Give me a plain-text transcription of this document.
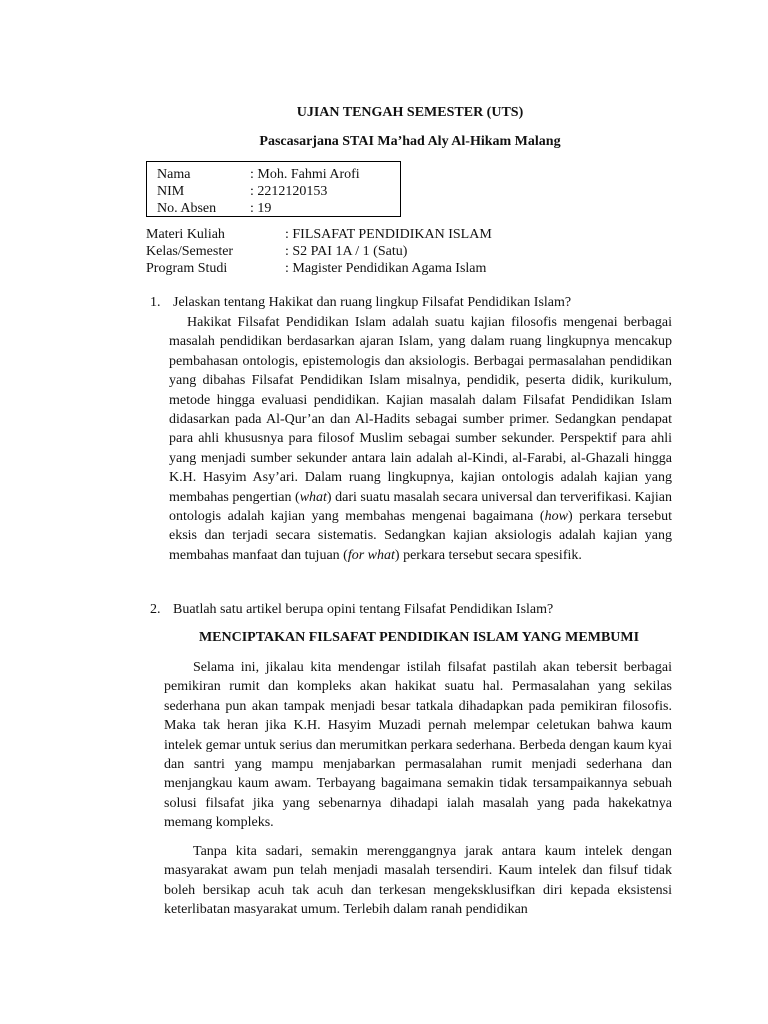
UJIAN TENGAH SEMESTER (UTS)
Pascasarjana STAI Ma’had Aly Al-Hikam Malang
Nama	: Moh. Fahmi Arofi
NIM	: 2212120153
No. Absen : 19
Materi Kuliah	: FILSAFAT PENDIDIKAN ISLAM
Kelas/Semester	: S2 PAI 1A / 1 (Satu)
Program Studi	: Magister Pendidikan Agama Islam
1. Jelaskan tentang Hakikat dan ruang lingkup Filsafat Pendidikan Islam?

Hakikat Filsafat Pendidikan Islam adalah suatu kajian filosofis mengenai berbagai masalah pendidikan berdasarkan ajaran Islam, yang dalam ruang lingkupnya mencakup pembahasan ontologis, epistemologis dan aksiologis. Berbagai permasalahan pendidikan yang dibahas Filsafat Pendidikan Islam misalnya, pendidik, peserta didik, kurikulum, metode hingga evaluasi pendidikan. Kajian masalah dalam Filsafat Pendidikan Islam didasarkan pada Al-Qur’an dan Al-Hadits sebagai sumber primer. Sedangkan pendapat para ahli khususnya para filosof Muslim sebagai sumber sekunder. Perspektif para ahli yang menjadi sumber sekunder antara lain adalah al-Kindi, al-Farabi, al-Ghazali hingga K.H. Hasyim Asy’ari. Dalam ruang lingkupnya, kajian ontologis adalah kajian yang membahas pengertian (what) dari suatu masalah secara universal dan terverifikasi. Kajian ontologis adalah kajian yang membahas mengenai bagaimana (how) perkara tersebut eksis dan terjadi secara sistematis. Sedangkan kajian aksiologis adalah kajian yang membahas manfaat dan tujuan (for what) perkara tersebut secara spesifik.

2. Buatlah satu artikel berupa opini tentang Filsafat Pendidikan Islam?
MENCIPTAKAN FILSAFAT PENDIDIKAN ISLAM YANG MEMBUMI

Selama ini, jikalau kita mendengar istilah filsafat pastilah akan tebersit berbagai pemikiran rumit dan kompleks akan hakikat suatu hal. Permasalahan yang sekilas sederhana pun akan tampak menjadi besar tatkala dihadapkan pada pemikiran filosofis. Maka tak heran jika K.H. Hasyim Muzadi pernah melempar celetukan bahwa kaum intelek gemar untuk serius dan merumitkan perkara sederhana. Berbeda dengan kaum kyai dan santri yang mampu menjabarkan permasalahan rumit menjadi sederhana dan menjangkau kaum awam. Terbayang bagaimana semakin tidak tersampaikannya sebuah solusi filsafat jika yang sebenarnya dihadapi ialah masalah yang pada hakekatnya memang kompleks.

Tanpa kita sadari, semakin merenggangnya jarak antara kaum intelek dengan masyarakat awam pun telah menjadi masalah tersendiri. Kaum intelek dan filsuf tidak boleh bersikap acuh tak acuh dan terkesan mengeksklusifkan diri kepada eksistensi keterlibatan masyarakat umum. Terlebih dalam ranah pendidikan
